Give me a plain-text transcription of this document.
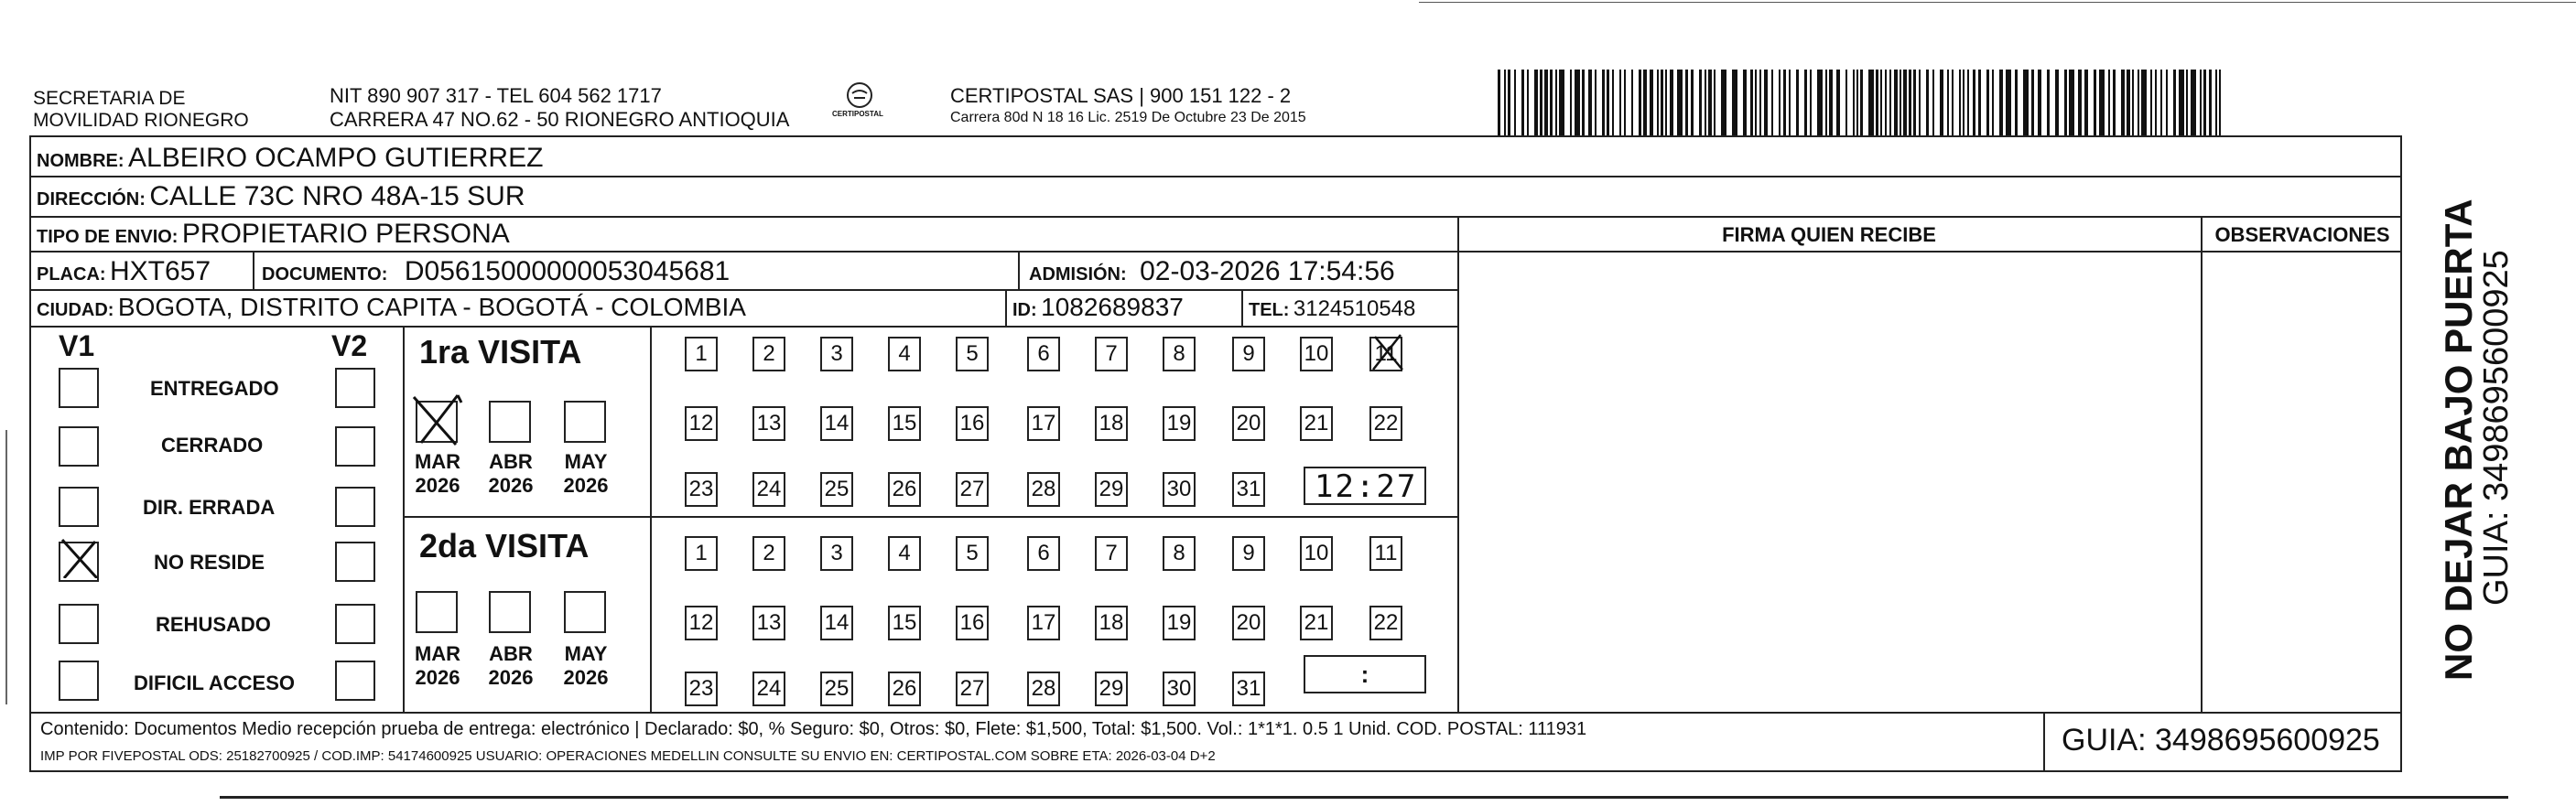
SECRETARIA DE
MOVILIDAD RIONEGRO
NIT 890 907 317 - TEL 604 562 1717
CARRERA 47 NO.62 - 50 RIONEGRO ANTIOQUIA	CERTIPOSTAL
CERTIPOSTAL SAS | 900 151 122 - 2
Carrera 80d N 18 16 Lic. 2519 De Octubre 23 De 2015
NOMBRE: ALBEIRO OCAMPO GUTIERREZ
DIRECCIÓN: CALLE 73C NRO 48A-15 SUR
TIPO DE ENVIO: PROPIETARIO PERSONA	FIRMA QUIEN RECIBE	OBSERVACIONES
PLACA: HXT657	DOCUMENTO: D05615000000053045681	ADMISIÓN: 02-03-2026 17:54:56
CIUDAD: BOGOTA, DISTRITO CAPITA - BOGOTÁ - COLOMBIA	ID: 1082689837	TEL: 3124510548
V1	V2
ENTREGADO
CERRADO
DIR. ERRADA
NO RESIDE
REHUSADO
DIFICIL ACCESO
1ra VISITA
MAR
2026
ABR
2026
MAY
2026
2da VISITA
MAR
2026
ABR
2026
MAY
2026
1	2	3	4	5	6	7	8	9	10 11
12 13 14 15 16 17 18 19 20 21 22
23 24 25 26 27 28 29 30 31
1	2	3	4	5	6	7	8	9	10 11
12 13 14 15 16 17 18 19 20 21 22
23 24 25 26 27 28 29 30 31
12:27
:
Contenido: Documentos Medio recepción prueba de entrega: electrónico | Declarado: $0, % Seguro: $0, Otros: $0, Flete: $1,500, Total: $1,500. Vol.: 1*1*1. 0.5 1 Unid. COD. POSTAL: 111931
IMP POR FIVEPOSTAL ODS: 25182700925 / COD.IMP: 54174600925 USUARIO: OPERACIONES MEDELLIN CONSULTE SU ENVIO EN: CERTIPOSTAL.COM SOBRE ETA: 2026-03-04 D+2	GUIA: 3498695600925
NO DEJAR BAJO PUERTA
GUIA: 3498695600925
